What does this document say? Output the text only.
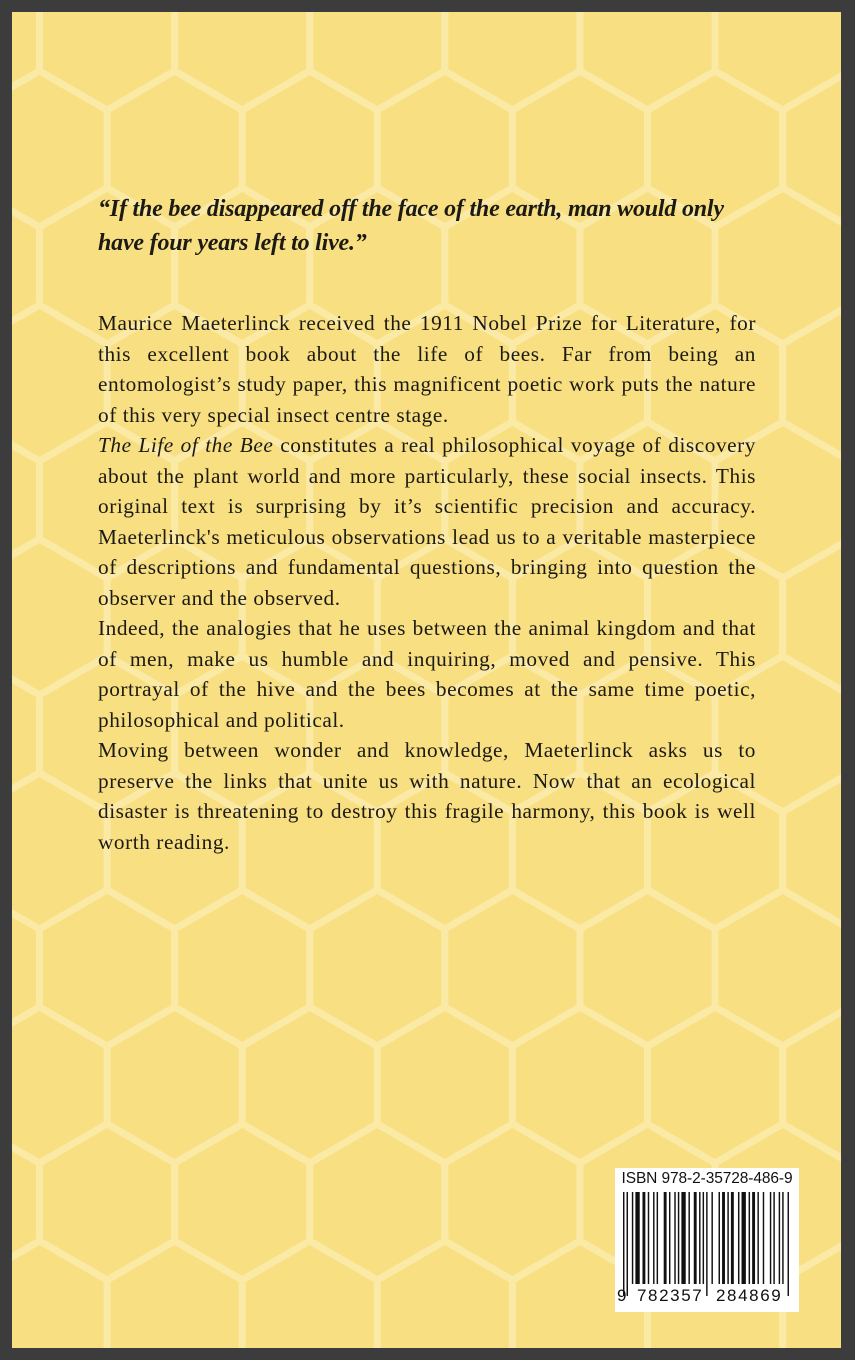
“If the bee disappeared off the face of the earth, man would only have four years left to live.”

Maurice Maeterlinck received the 1911 Nobel Prize for Literature, for this excellent book about the life of bees. Far from being an entomologist’s study paper, this magnificent poetic work puts the nature of this very special insect centre stage.

The Life of the Bee constitutes a real philosophical voyage of discovery about the plant world and more particularly, these social insects. This original text is surprising by it’s scientific precision and accuracy. Maeterlinck's meticulous observations lead us to a veritable masterpiece of descriptions and fundamental questions, bringing into question the observer and the observed.

Indeed, the analogies that he uses between the animal kingdom and that of men, make us humble and inquiring, moved and pensive. This portrayal of the hive and the bees becomes at the same time poetic, philosophical and political.

Moving between wonder and knowledge, Maeterlinck asks us to preserve the links that unite us with nature. Now that an ecological disaster is threatening to destroy this fragile harmony, this book is well worth reading.

ISBN 978-2-35728-486-9
9 782357 284869
